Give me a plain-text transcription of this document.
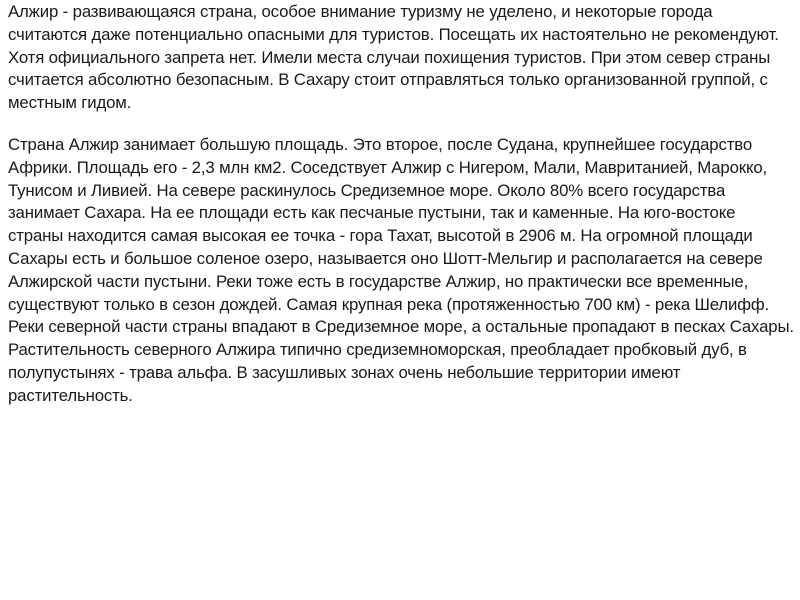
Алжир - развивающаяся страна, особое внимание туризму не уделено, и некоторые города считаются даже потенциально опасными для туристов. Посещать их настоятельно не рекомендуют. Хотя официального запрета нет. Имели места случаи похищения туристов. При этом север страны считается абсолютно безопасным. В Сахару стоит отправляться только организованной группой, с местным гидом.

Страна Алжир занимает большую площадь. Это второе, после Судана, крупнейшее государство Африки. Площадь его - 2,3 млн км2. Соседствует Алжир с Нигером, Мали, Мавританией, Марокко, Тунисом и Ливией. На севере раскинулось Средиземное море. Около 80% всего государства занимает Сахара. На ее площади есть как песчаные пустыни, так и каменные. На юго-востоке страны находится самая высокая ее точка - гора Тахат, высотой в 2906 м. На огромной площади Сахары есть и большое соленое озеро, называется оно Шотт-Мельгир и располагается на севере Алжирской части пустыни. Реки тоже есть в государстве Алжир, но практически все временные, существуют только в сезон дождей. Самая крупная река (протяженностью 700 км) - река Шелифф. Реки северной части страны впадают в Средиземное море, а остальные пропадают в песках Сахары. Растительность северного Алжира типично средиземноморская, преобладает пробковый дуб, в полупустынях - трава альфа. В засушливых зонах очень небольшие территории имеют растительность.
